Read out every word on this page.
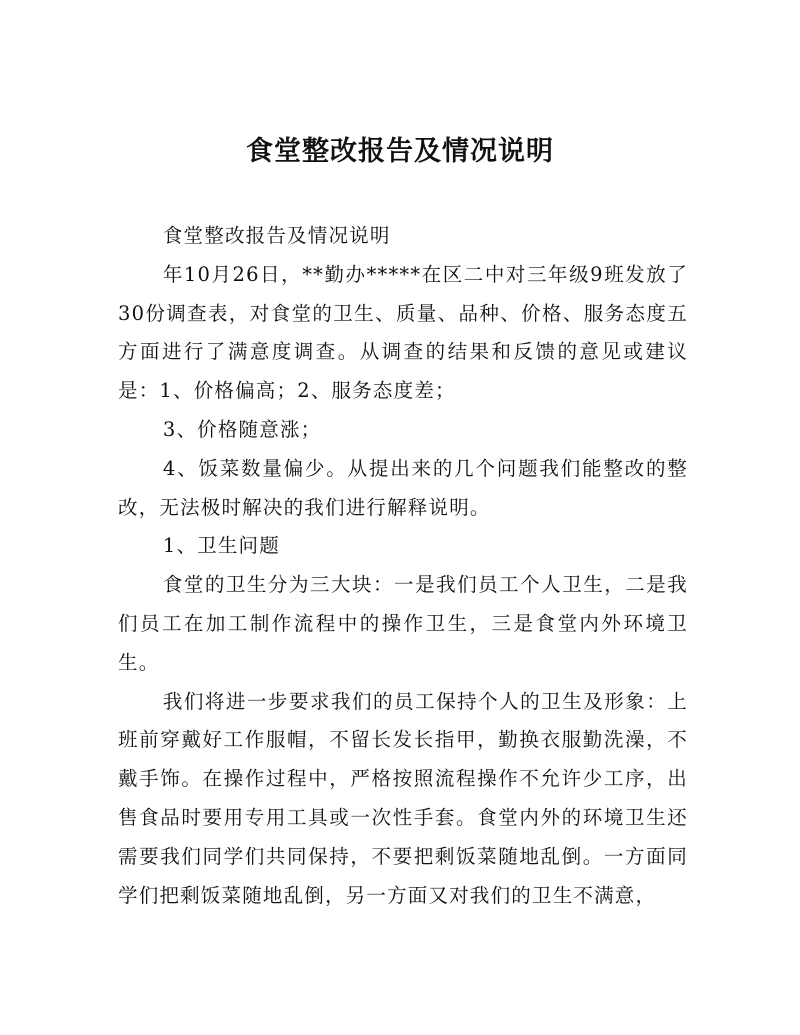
食堂整改报告及情况说明

食堂整改报告及情况说明

年10月26日，**勤办*****在区二中对三年级9班发放了30份调查表，对食堂的卫生、质量、品种、价格、服务态度五方面进行了满意度调查。从调查的结果和反馈的意见或建议是：1、价格偏高；2、服务态度差；

3、价格随意涨；

4、饭菜数量偏少。从提出来的几个问题我们能整改的整改，无法极时解决的我们进行解释说明。

1、卫生问题

食堂的卫生分为三大块：一是我们员工个人卫生，二是我们员工在加工制作流程中的操作卫生，三是食堂内外环境卫生。

我们将进一步要求我们的员工保持个人的卫生及形象：上班前穿戴好工作服帽，不留长发长指甲，勤换衣服勤洗澡，不戴手饰。在操作过程中，严格按照流程操作不允许少工序，出售食品时要用专用工具或一次性手套。食堂内外的环境卫生还需要我们同学们共同保持，不要把剩饭菜随地乱倒。一方面同学们把剩饭菜随地乱倒，另一方面又对我们的卫生不满意，
